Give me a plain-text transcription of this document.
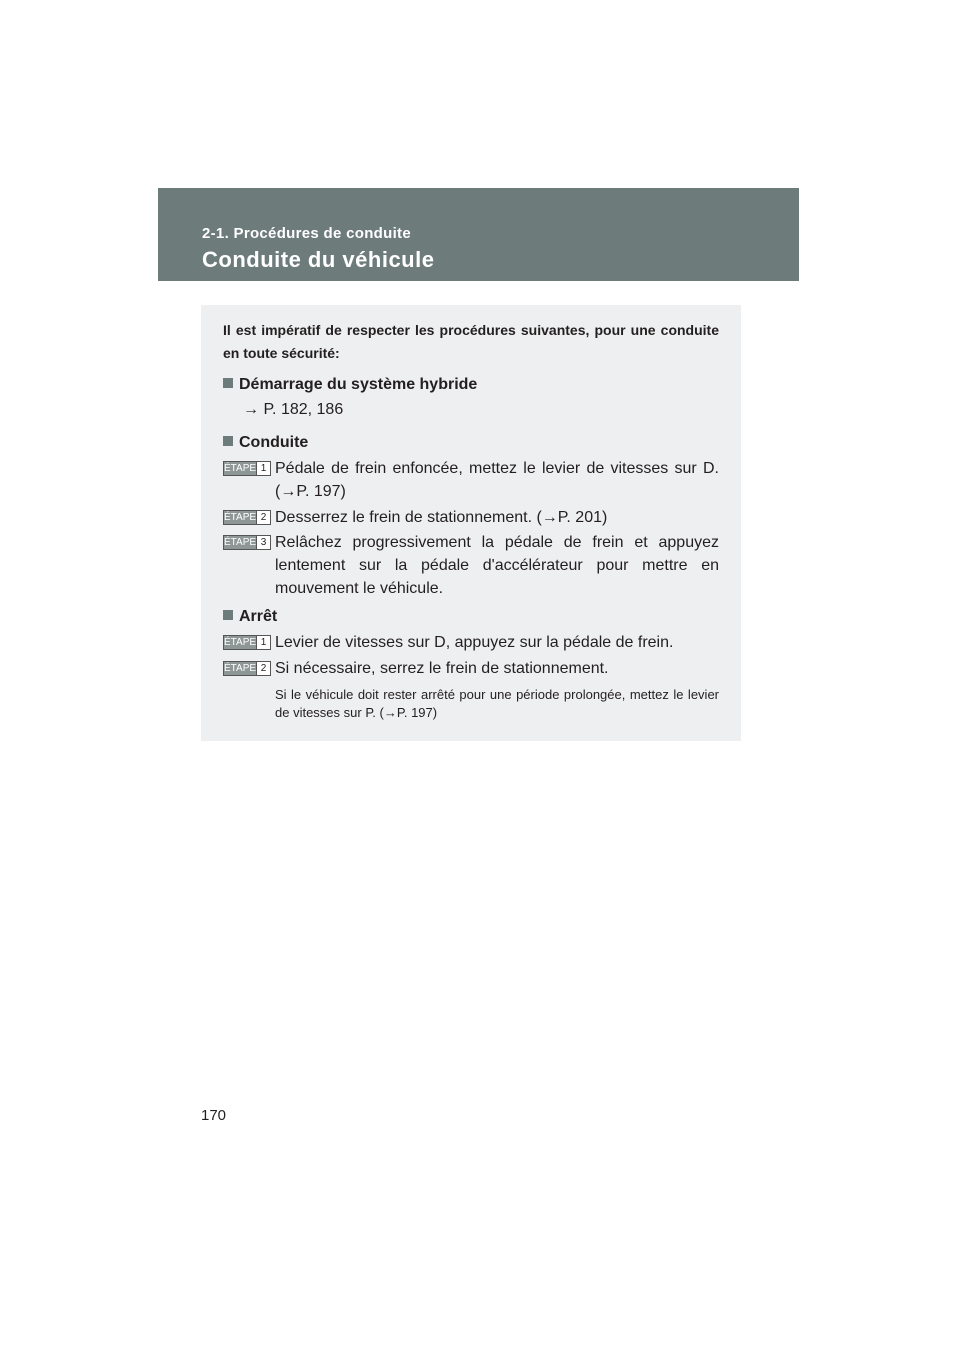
2-1. Procédures de conduite
Conduite du véhicule
Il est impératif de respecter les procédures suivantes, pour une conduite en toute sécurité:
Démarrage du système hybride
→ P. 182, 186
Conduite
ÉTAPE 1 Pédale de frein enfoncée, mettez le levier de vitesses sur D. (→P. 197)
ÉTAPE 2 Desserrez le frein de stationnement. (→P. 201)
ÉTAPE 3 Relâchez progressivement la pédale de frein et appuyez lentement sur la pédale d'accélérateur pour mettre en mouvement le véhicule.
Arrêt
ÉTAPE 1 Levier de vitesses sur D, appuyez sur la pédale de frein.
ÉTAPE 2 Si nécessaire, serrez le frein de stationnement.
Si le véhicule doit rester arrêté pour une période prolongée, mettez le levier de vitesses sur P. (→P. 197)
170
